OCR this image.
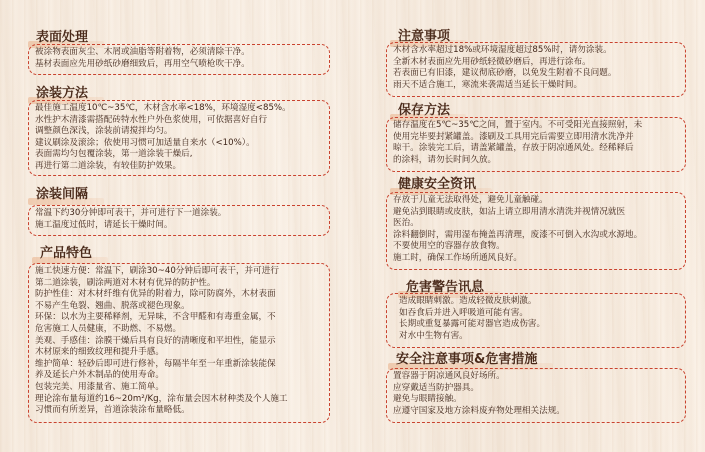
表面处理
被涂物表面灰尘、木屑或油脂等附着物，必须清除干净。
基材表面应先用砂纸砂磨细致后，再用空气喷枪吹干净。
涂装方法
最佳施工温度10℃~35℃，木材含水率<18%，环境湿度<85%。
水性护木清漆需搭配砖特水性户外色浆使用，可依据喜好自行
调整颜色深浅，涂装前请搅拌均匀。
建议刷涂及滚涂；依使用习惯可加适量自来水（<10%）。
表面需均匀包覆涂装，第一道涂装干燥后,
再进行第二道涂装，有较佳防护效果。
涂装间隔
常温下约30分钟即可表干，并可进行下一道涂装。
施工温度过低时，请延长干燥时间。
产品特色
施工快速方便：常温下，刷涂30~40分钟后即可表干，并可进行
第二道涂装，刷涂两道对木材有优异的防护性。
防护性佳：对木材纤维有优异的附着力，除可防腐外，木材表面
不易产生龟裂、翘曲、脱落或褪色现象。
环保：以水为主要稀释剂，无异味，不含甲醛和有毒重金属，不
危害施工人员健康，不助燃、不易燃。
美观、手感佳：涂膜干燥后具有良好的清晰度和平坦性，能显示
木材原来的细致纹理和提升手感。
维护简单：轻砂后即可进行修补，每隔半年至一年重新涂装能保
养及延长户外木制品的使用寿命。
包装完美、用漆量省、施工简单。
理论涂布量每道约16~20m²/Kg，涂布量会因木材种类及个人施工
习惯而有所差异，首道涂装涂布量略低。
注意事项
木材含水率超过18%或环境湿度超过85%时，请勿涂装。
全新木材表面应先用砂纸轻微砂磨后，再进行涂布。
若表面已有旧漆，建议彻底砂磨，以免发生附着不良问题。
雨天不适合施工，寒流来袭需适当延长干燥时间。
保存方法
储存温度在5℃~35℃之间，置于室内。不可受阳光直接照射，未
使用完毕要封紧罐盖。漆刷及工具用完后需要立即用清水洗净并
晾干。涂装完工后，请盖紧罐盖，存放于阴凉通风处。经稀释后
的涂料，请勿长时间久放。
健康安全资讯
存放于儿童无法取得处，避免儿童触碰。
避免沾到眼睛或皮肤，如沾上请立即用清水清洗并视情况就医
医治。
涂料翻倒时，需用湿布掩盖再清理，废漆不可倒入水沟或水源地。
不要使用空的容器存放食物。
施工时，确保工作场所通风良好。
危害警告讯息
造成眼睛刺激。造成轻微皮肤刺激。
如吞食后并进入呼吸道可能有害。
长期或重复暴露可能对器官造成伤害。
对水中生物有害。
安全注意事项&危害措施
置容器于阴凉通风良好场所。
应穿戴适当防护器具。
避免与眼睛接触。
应遵守国家及地方涂料废弃物处理相关法规。
